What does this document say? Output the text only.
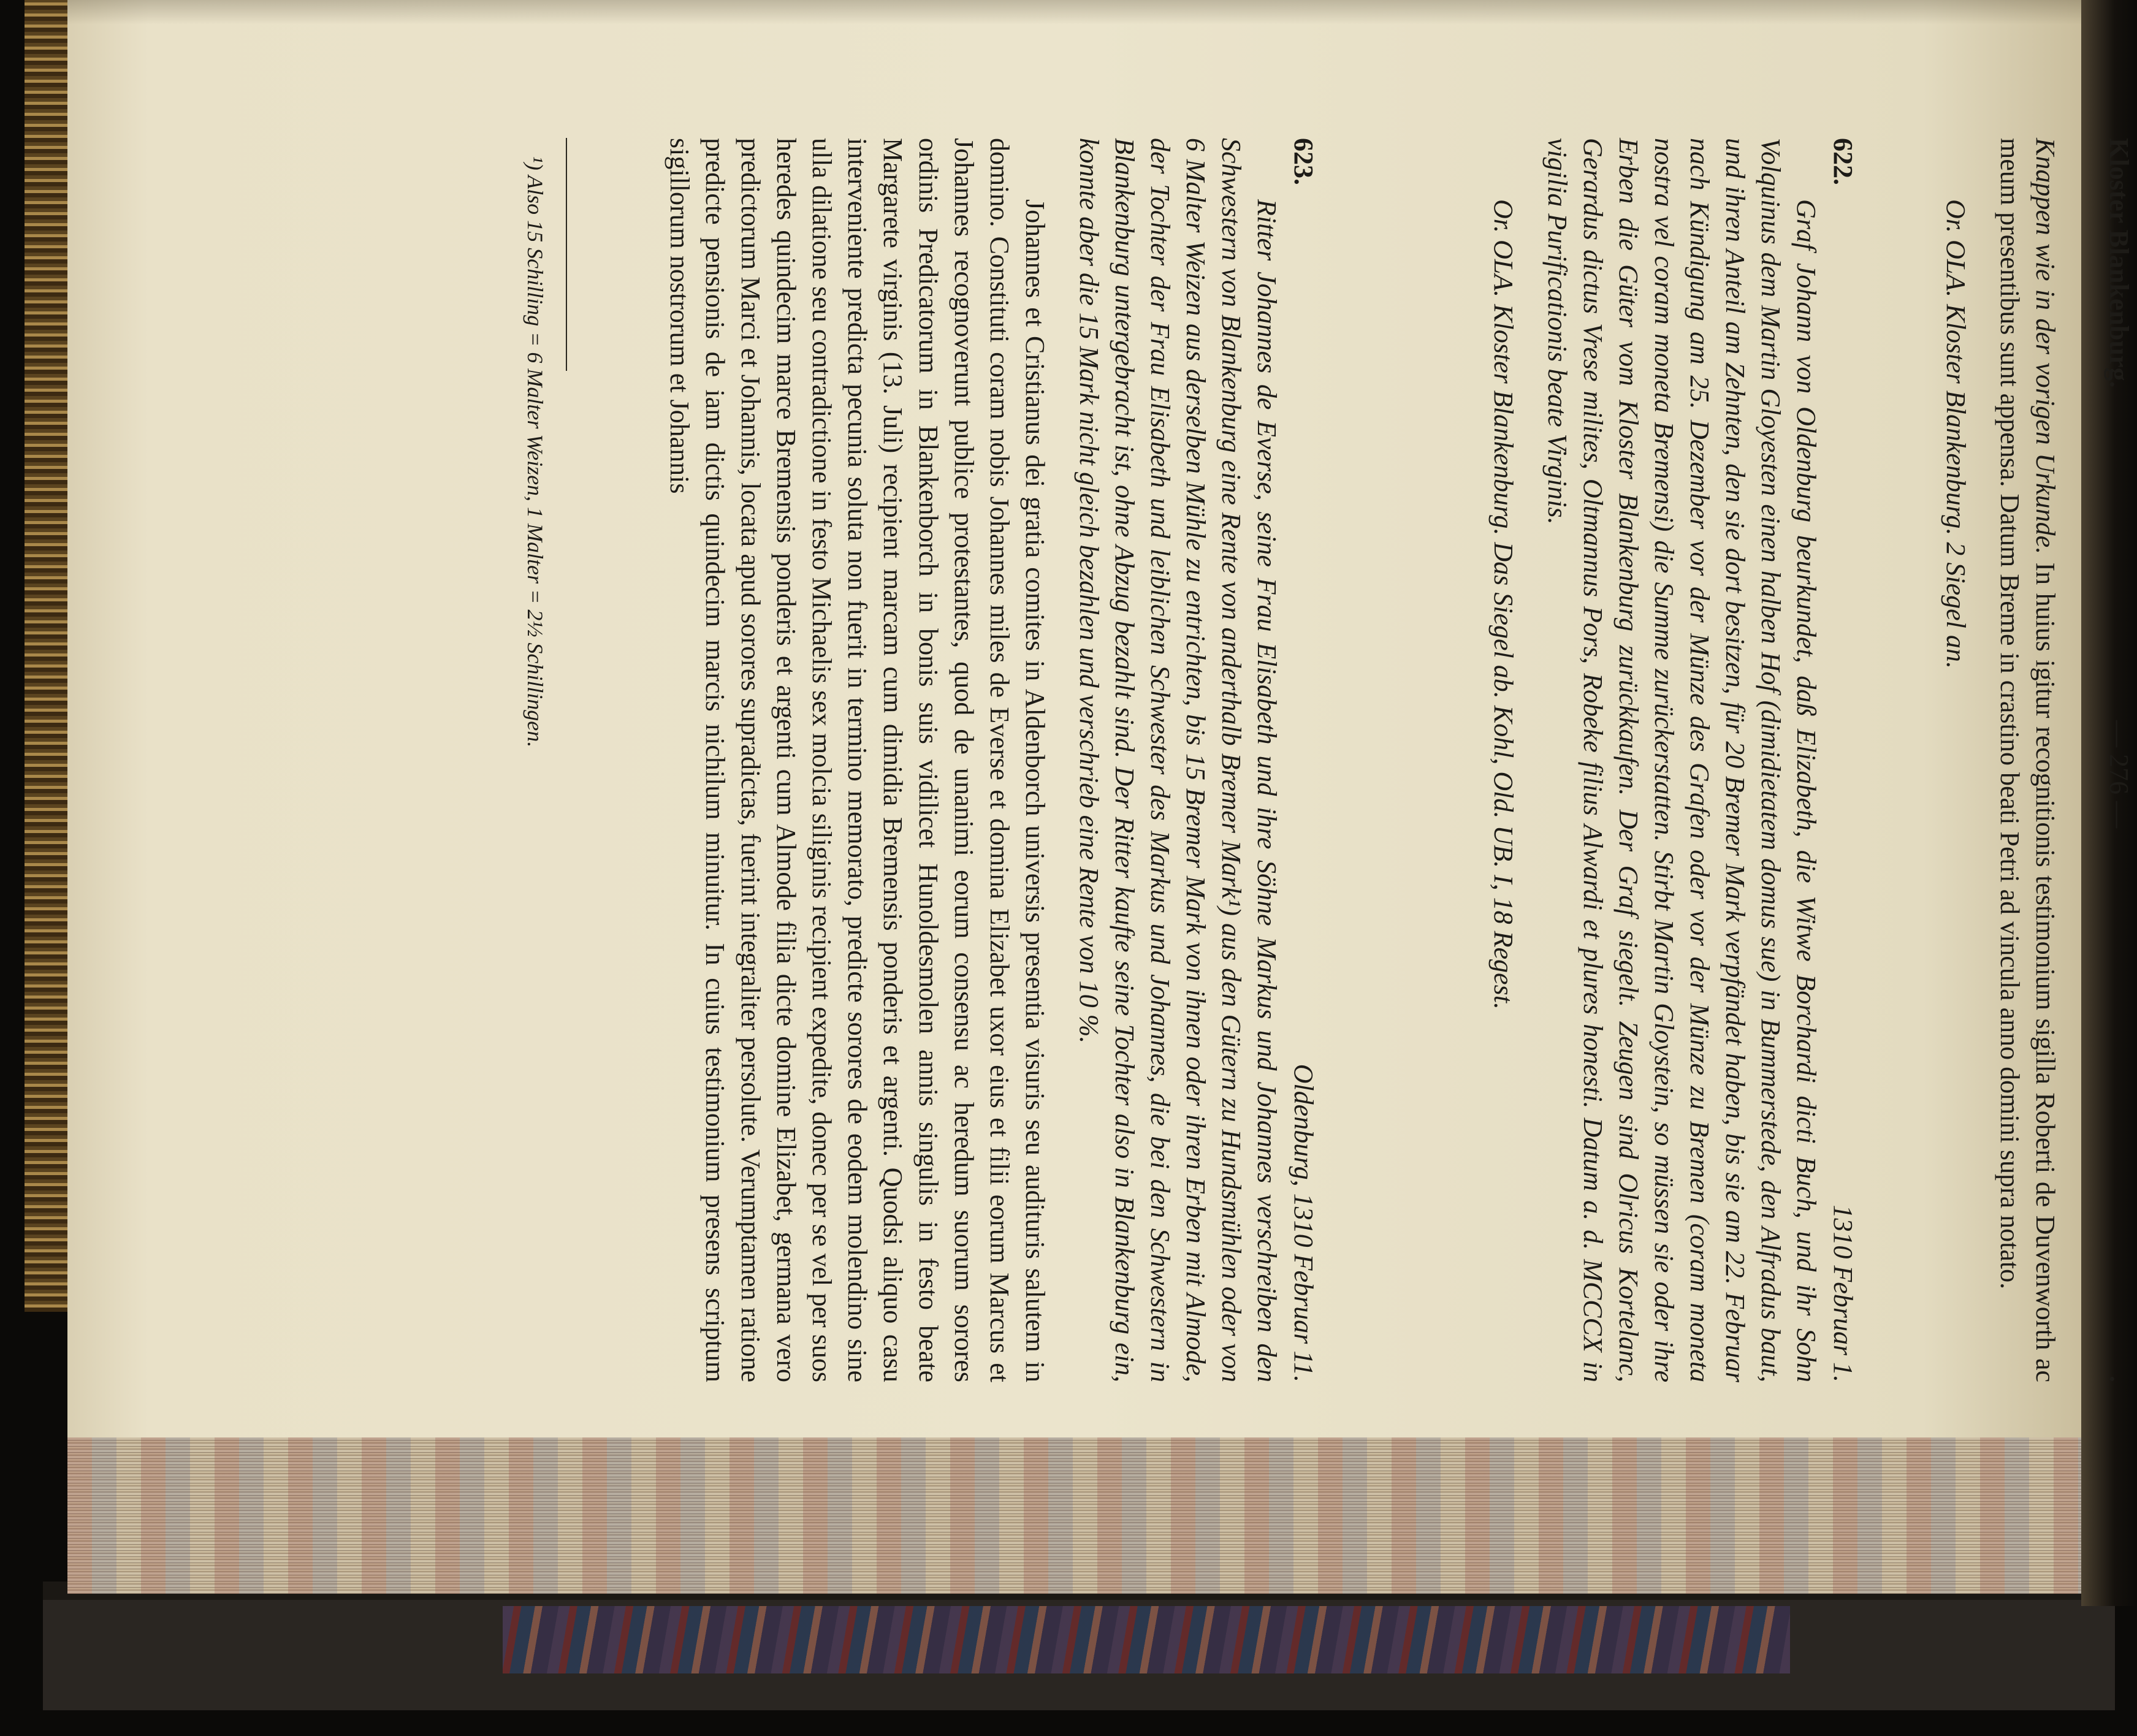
Kloster Blankenburg.
— 276 —
.

Knappen wie in der vorigen Urkunde. In huius igitur recognitionis testimonium sigilla Roberti de Duvenworth ac meum presentibus sunt appensa. Datum Breme in crastino beati Petri ad vincula anno domini supra notato.

Or. OLA. Kloster Blankenburg. 2 Siegel an.

622.
1310 Februar 1.

Graf Johann von Oldenburg beurkundet, daß Elizabeth, die Witwe Borchardi dicti Buch, und ihr Sohn Volquinus dem Martin Gloyesten einen halben Hof (dimidietatem domus sue) in Bummerstede, den Alfradus baut, und ihren Anteil am Zehnten, den sie dort besitzen, für 20 Bremer Mark verpfändet haben, bis sie am 22. Februar nach Kündigung am 25. Dezember vor der Münze des Grafen oder vor der Münze zu Bremen (coram moneta nostra vel coram moneta Bremensi) die Summe zurückerstatten. Stirbt Martin Gloystein, so müssen sie oder ihre Erben die Güter vom Kloster Blankenburg zurückkaufen. Der Graf siegelt. Zeugen sind Olricus Kortelanc, Gerardus dictus Vrese milites, Oltmannus Pors, Robeke filius Alwardi et plures honesti. Datum a. d. MCCCX in vigilia Purificationis beate Virginis.

Or. OLA. Kloster Blankenburg. Das Siegel ab. Kohl, Old. UB. I, 18 Regest.

623.
Oldenburg, 1310 Februar 11.

Ritter Johannes de Everse, seine Frau Elisabeth und ihre Söhne Markus und Johannes verschreiben den Schwestern von Blankenburg eine Rente von anderthalb Bremer Mark¹) aus den Gütern zu Hundsmühlen oder von 6 Malter Weizen aus derselben Mühle zu entrichten, bis 15 Bremer Mark von ihnen oder ihren Erben mit Almode, der Tochter der Frau Elisabeth und leiblichen Schwester des Markus und Johannes, die bei den Schwestern in Blankenburg untergebracht ist, ohne Abzug bezahlt sind. Der Ritter kaufte seine Tochter also in Blankenburg ein, konnte aber die 15 Mark nicht gleich bezahlen und verschrieb eine Rente von 10 %.

Johannes et Cristianus dei gratia comites in Aldenborch universis presentia visuris seu audituris salutem in domino. Constituti coram nobis Johannes miles de Everse et domina Elizabet uxor eius et filii eorum Marcus et Johannes recognoverunt publice protestantes, quod de unanimi eorum consensu ac heredum suorum sorores ordinis Predicatorum in Blankenborch in bonis suis vidilicet Hunoldesmolen annis singulis in festo beate Margarete virginis (13. Juli) recipient marcam cum dimidia Bremensis ponderis et argenti. Quodsi aliquo casu interveniente predicta pecunia soluta non fuerit in termino memorato, predicte sorores de eodem molendino sine ulla dilatione seu contradictione in festo Michaelis sex molcia siliginis recipient expedite, donec per se vel per suos heredes quindecim marce Bremensis ponderis et argenti cum Almode filia dicte domine Elizabet, germana vero predictorum Marci et Johannis, locata apud sorores supradictas, fuerint integraliter persolute. Verumptamen ratione predicte pensionis de iam dictis quindecim marcis nichilum minuitur. In cuius testimonium presens scriptum sigillorum nostrorum et Johannis

¹) Also 15 Schilling = 6 Malter Weizen, 1 Malter = 2½ Schillingen.
